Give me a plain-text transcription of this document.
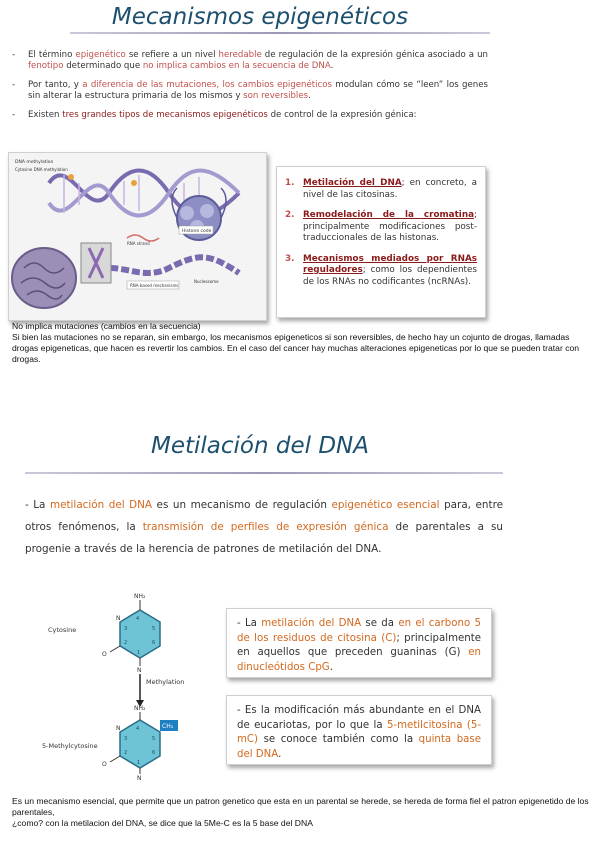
Mecanismos epigenéticos
- El término epigenético se refiere a un nivel heredable de regulación de la expresión génica asociado a un fenotipo determinado que no implica cambios en la secuencia de DNA.
- Por tanto, y a diferencia de las mutaciones, los cambios epigenéticos modulan cómo se “leen” los genes sin alterar la estructura primaria de los mismos y son reversibles.
- Existen tres grandes tipos de mecanismos epigenéticos de control de la expresión génica:
DNA methylation
Cytosine DNA methylation
Histone code
RNA strand
Nucleosome
RNA-based mechanisms
1. Metilación del DNA; en concreto, a nivel de las citosinas.
2. Remodelación de la cromatina; principalmente modificaciones post-traduccionales de las histonas.
3. Mecanismos mediados por RNAs reguladores; como los dependientes de los RNAs no codificantes (ncRNAs).
No implica mutaciones (cambios en la secuencia)
Si bien las mutaciones no se reparan, sin embargo, los mecanismos epigeneticos si son reversibles, de hecho hay un cojunto de drogas, llamadas drogas epigeneticas, que hacen es revertir los cambios. En el caso del cancer hay muchas alteraciones epigeneticas por lo que se pueden tratar con drogas.
Metilación del DNA
- La metilación del DNA es un mecanismo de regulación epigenético esencial para, entre otros fenómenos, la transmisión de perfiles de expresión génica de parentales a su progenie a través de la herencia de patrones de metilación del DNA.
NH₂
N
O
N
4
5
6
2
3
1
Cytosine
Methylation
CH₃
NH₂
N
O
N
4
5
6
2
3
1
5-Methylcytosine
- La metilación del DNA se da en el carbono 5 de los residuos de citosina (C); principalmente en aquellos que preceden guaninas (G) en dinucleótidos CpG.
- Es la modificación más abundante en el DNA de eucariotas, por lo que la 5-metilcitosina (5-mC) se conoce también como la quinta base del DNA.
Es un mecanismo esencial, que permite que un patron genetico que esta en un parental se herede, se hereda de forma fiel el patron epigenetido de los parentales,
¿como? con la metilacion del DNA, se dice que la 5Me-C es la 5 base del DNA
